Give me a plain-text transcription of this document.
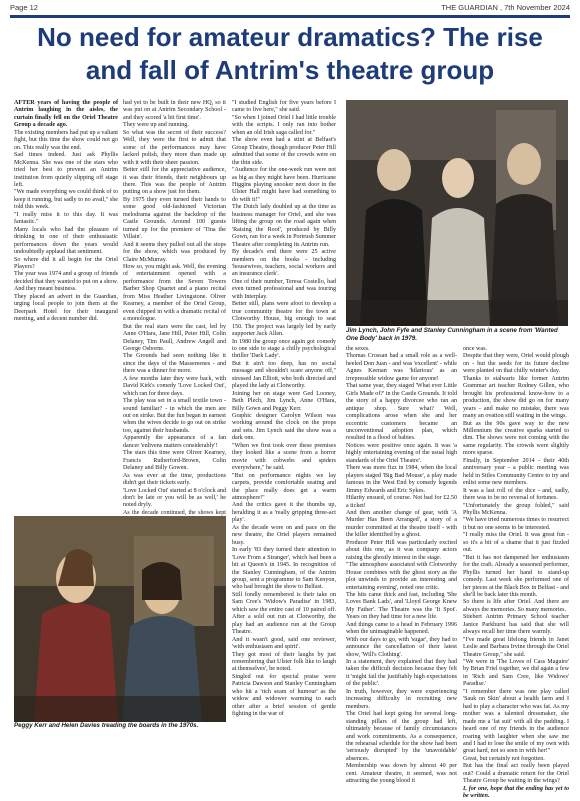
Page 12	THE GUARDIAN , 7th November 2024
No need for amateur dramatics? The rise and fall of Antrim's theatre group

AFTER years of having the people of Antrim laughing in the aisles, the curtain finally fell on the Oriel Theatre Group a decade ago.

The existing members had put up a valiant fight, but this time the show could not go on. This really was the end.

Sad times indeed. Just ask Phyllis McKenna. She was one of the stars who tried her best to prevent an Antrim institution from quietly slipping off stage left.

"We made everything we could think of to keep it running, but sadly to no avail," she told this week.

"I really miss it to this day. It was fantastic."

Many locals who had the pleasure of drinking in one of their enthusiastic performances down the years would undoubtedly applaud that sentiment.

So where did it all begin for the Oriel Players?

The year was 1974 and a group of friends decided that they wanted to put on a show. And they meant business.

They placed an advert in the Guardian, urging local people to join them at the Deerpark Hotel for their inaugural meeting, and a decent number did.

had yet to be built in their new HQ, so it was put on at Antrim Secondary School - and they scored 'a hit first time'.

They were up and running.

So what was the secret of their success? Well, they were the first to admit that some of the performances may have lacked polish, they more than made up with it with their sheer passion.

Better still for the appreciative audience, it was their friends, their neighbours up there. This was the people of Antrim putting on a show just for them.

By 1975 they even turned their hands to some good old-fashioned Victorian melodrama against the backdrop of the Castle Grounds. Around 100 guests turned up for the premiere of 'Tina the Villain'.

And it seems they pulled out all the stops for the show, which was produced by Claire McMurray.

How so, you might ask. Well, the evening of entertainment opened with a performance from the Seven Towers Barber Shop Quartet and a piano recital from Miss Heather Livingstone. Oliver Kearney, a member of the Oriel Group, even chipped in with a dramatic recital of a monologue.

But the real stars were the cast, led by Anne O'Hara, Jane Hill, Peter Hill, Colin Delaney, Tim Paull, Andrew Angell and George Osborne.

The Grounds had seen nothing like it since the days of the Massereenes - and there was a dinner for more.

A few months later they were back, with David Kirk's comedy 'Love Locked Out', which ran for three days.

The play was set in a small textile town - sound familiar? - in which the men are out on strike. But the fun began in earnest when the wives decide to go out on strike too, against their husbands.

Apparently the appearance of a fan dancer 'enlivens matters considerably'!

The stars this time were Oliver Kearney, Francis Rutherford-Brown, Colin Delaney and Billy Gowen.

As was ever at the time, productions didn't get their tickets early.

'Love Locked Out' started at 8 o'clock and don't be late or you will be as well,' he noted dryly.

As the decade continued, the shows kept

"I studied English for five years before I came to live here," she said.

"So when I joined Oriel I had little trouble with the scripts. I only ran into bother when an old Irish saga called for."

The show even had a stint at Belfast's Group Theatre, though producer Peter Hill admitted that some of the crowds were on the thin side.

"Audience for the one-week run were not as big as they might have been. Hurricane Higgins playing snooker next door in the Ulster Hall might have had something to do with it!"

The Dutch lady doubled up at the time as business manager for Oriel, and she was lifting the group on the road again when 'Raising the Roof', produced by Billy Gown, ran for a week in Portrush Summer Theatre after completing its Antrim run.

By decade's end there were 25 active members on the books - including 'housewives, teachers, social workers and an insurance clerk'.

One of their number, Teresa Costello, had even turned professional and was touring with Interplay.

Better still, plans were afoot to develop a true community theatre for the town at Clotworthy House, big enough to seat 150. The project was largely led by early supporter Jack Allen.

In 1980 the group once again got comedy to one side to stage a chilly psychological thriller 'Dark Lady'.

But it ain't too deep, has no social message and shouldn't scare anyone off," stressed Jan Elliott, who both directed and played the lady at Clotworthy.

Joining her on stage were Ged Looney, Beth Plech, Jim Lynch, Anne O'Hara, Billy Gown and Peggy Kerr.

Graphic designer Carolyn Wilson was working around the clock on the props and sets. Jim Lynch said the show was a dark one.

"When we first took over these premises they looked like a scene from a horror movie with cobwebs and spiders everywhere," he said.

"But on performance nights we lay carpets, provide comfortable seating and the place really does get a warm atmosphere!"

And the critics gave it the thumbs up, heralding it as a 'really gripping three-act play'.

As the decade wore on and pace on the new theatre, the Oriel players remained busy.

In early '83 they turned their attention to 'Love From a Stranger', which had been a hit at Queen's in 1945. In recognition of the Stanley Cunningham, of the Antrim group, sent a programme to Sam Kenyon, who had brought the show to Belfast.

Still fondly remembered is their take on Sam Cree's 'Widow's Paradise' in 1983, which saw the entire cast of 10 paired off. After a sold out run at Clotworthy, the play had an audience run at the Group Theatre.

And it wasn't good, said one reviewer, 'with enthusiasm and spirit'.

They got most of their laughs by just remembering that Ulster folk like to laugh at themselves', he noted.

Singled out for special praise were Patricia Dawson and Stanley Cunningham who hit a 'rich seam of humour' as the widow and widower warming to each other after a brief session of gentle fighting in the war of

Jim Lynch, John Fyfe and Stanley Cunningham in a scene from 'Wanted One Body' back in 1979.

the sexes.

Thomas Crossan had a small role as a well-heeled Don Juan - and was 'excellent' - while Agnes Keenan was 'hilarious' as an irrepressible widow game for anyone!

That same year, they staged 'What ever Little Girls Made of?' in the Castle Grounds. It told the story of a happy divorcee who ran an antique shop. Sure what? Well, complications arose when she and her eccentric customers became an unconventional adoption plan, which resulted in a flood of babies.

Notices were positive once again. It was 'a highly entertaining evening of the usual high standards of the Oriel Theatre'.

There was more fizz in 1984, when the local players staged 'Big Bad Mouse', a play made famous in the West End by comedy legends Jimmy Edwards and Eric Sykes.

Hilarity ensued, of course. Not bad for £2.50 a ticket!

And then another change of gear, with 'A Murder Has Been Arranged', a story of a murder committed at the theatre itself - with the killer identified by a ghost.

Producer Peter Hill was particularly excited about this one, as it was company actors raising the ghostly interest in the stage.

"The atmosphere associated with Clotworthy House combines with the ghost story as the plot unwinds to provide an interesting and entertaining evening', noted one critic.

The hits came thick and fast, including 'She Loves Bank Lads', and 'Lloyd George Knew My Father'. The Theatre was the 'It Spot'. Years on they had time for a new life.

And things came to a head in February 1996 when the unimaginable happened.

With our days to go, with 'sugar', they had to announce the cancellation of their latest show, 'Will's Clothing'.

In a statement, they explained that they had taken the difficult decision because they felt it 'might fail the justifiably high expectations of the public'.

In truth, however, they were experiencing increasing difficulty in recruiting new members.

The Oriel had kept going for several long-standing pillars of the group had left, ultimately because of family circumstances and work commitments. As a consequence, the rehearsal schedule for the show had been 'seriously disrupted' by the 'unavoidable' absences.

Membership was down by almost 40 per cent. Amateur theatre, it seemed, was not attracting the young blood it

once was.

Despite that they were, Oriel would plough on - but the seeds for its future decline were planted on that chilly winter's day.

Thanks to stalwarts like former Antrim Grammar art teacher Rodney Gillen, who brought his professional know-how to a production, the show did go on for many years - and make no mistake, there was many an ovation still waiting in the wings.

But as the 90s gave way to the new Millennium the creative sparks started to dim. The shows were not coming with the same regularity. The crowds were slightly more sparse.

Finally, in September 2014 - their 40th anniversary year - a public meeting was held in Stiles Community Centre to try and enlist some new members.

It was a last roll of the dice - and, sadly, there was to be no reversal of fortunes.

"Unfortunately the group folded," said Phyllis McKenna.

"We have tried numerous times to resurrect it but no one seems to be interested.

"I really miss the Oriel. It was great fun - so it's a bit of a shame that it just fizzled out.

"But it has not dampened her enthusiasm for the craft. Already a seasoned performer, Phyllis turned her hand to stand-up comedy. Last week she performed one of her pieces at the Black Box in Belfast - and she'll be back later this month.

So there is life after Oriel. And there are always the memories. So many memories.

Stiebert Antrim Primary School teacher Janice Parkhurst has said that she will always recall her time there warmly.

"I've made great lifelong friends in Janet Leslie and Barbara Irvine through the Oriel Theatre Group," she said.

"We were in 'The Loves of Cass Maguire' by Brian Friel together, we did again a few in 'Rich and Sam Cree, like Widows' Paradise.'

"I remember there was one play called 'Sauk on Skin' about a health farm and I had to play a character who was fat. As my mother was a talented dressmaker, she made me a 'fat suit' with all the padding. I heard one of my friends in the audience roaring with laughter when she saw me and I had to lose the smile of my own with great hard, not so seen in with her!"

Great, but certainly not forgotten.

But has the final act really been played out? Could a dramatic return for the Oriel Theatre Group be waiting in the wings?

I, for one, hope that the ending has yet to be written.

Peggy Kerr and Helen Davies treading the boards in the 1970s.
